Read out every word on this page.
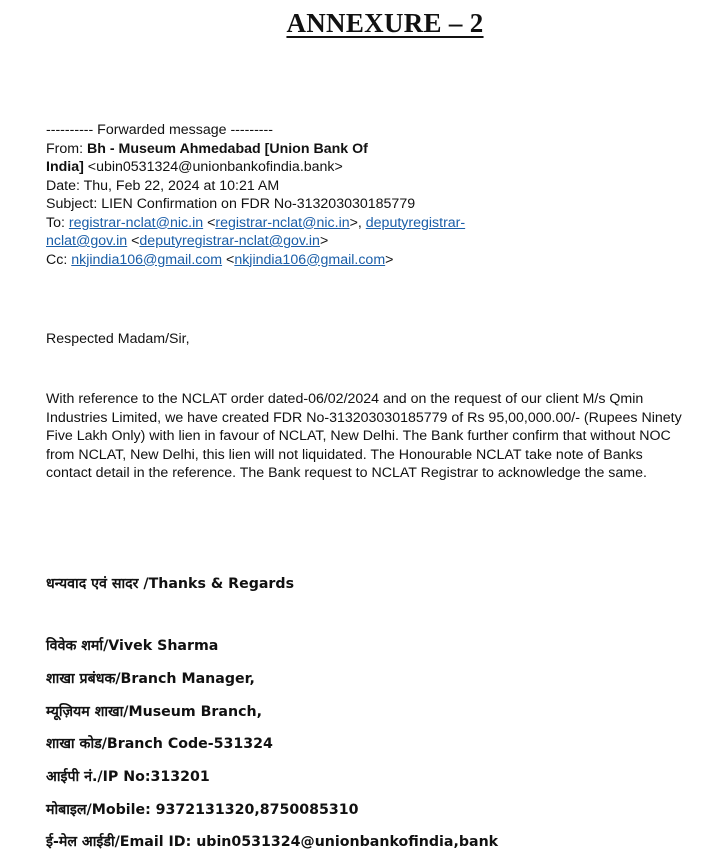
ANNEXURE – 2
---------- Forwarded message ---------
From: Bh - Museum Ahmedabad [Union Bank Of
India] <ubin0531324@unionbankofindia.bank>
Date: Thu, Feb 22, 2024 at 10:21 AM
Subject: LIEN Confirmation on FDR No-313203030185779
To: registrar-nclat@nic.in <registrar-nclat@nic.in>, deputyregistrar-
nclat@gov.in <deputyregistrar-nclat@gov.in>
Cc: nkjindia106@gmail.com <nkjindia106@gmail.com>
Respected Madam/Sir,
With reference to the NCLAT order dated-06/02/2024 and on the request of our client M/s Qmin Industries Limited, we have created FDR No-313203030185779 of Rs 95,00,000.00/- (Rupees Ninety Five Lakh Only) with lien in favour of NCLAT, New Delhi. The Bank further confirm that without NOC from NCLAT, New Delhi, this lien will not liquidated. The Honourable NCLAT take note of Banks contact detail in the reference. The Bank request to NCLAT Registrar to acknowledge the same.
धन्यवाद एवं सादर /Thanks & Regards
विवेक शर्मा/Vivek Sharma
शाखा प्रबंधक/Branch Manager,
म्यूज़ियम शाखा/Museum Branch,
शाखा कोड/Branch Code-531324
आईपी नं./IP No:313201
मोबाइल/Mobile: 9372131320,8750085310
ई-मेल आईडी/Email ID: ubin0531324@unionbankofindia,bank
